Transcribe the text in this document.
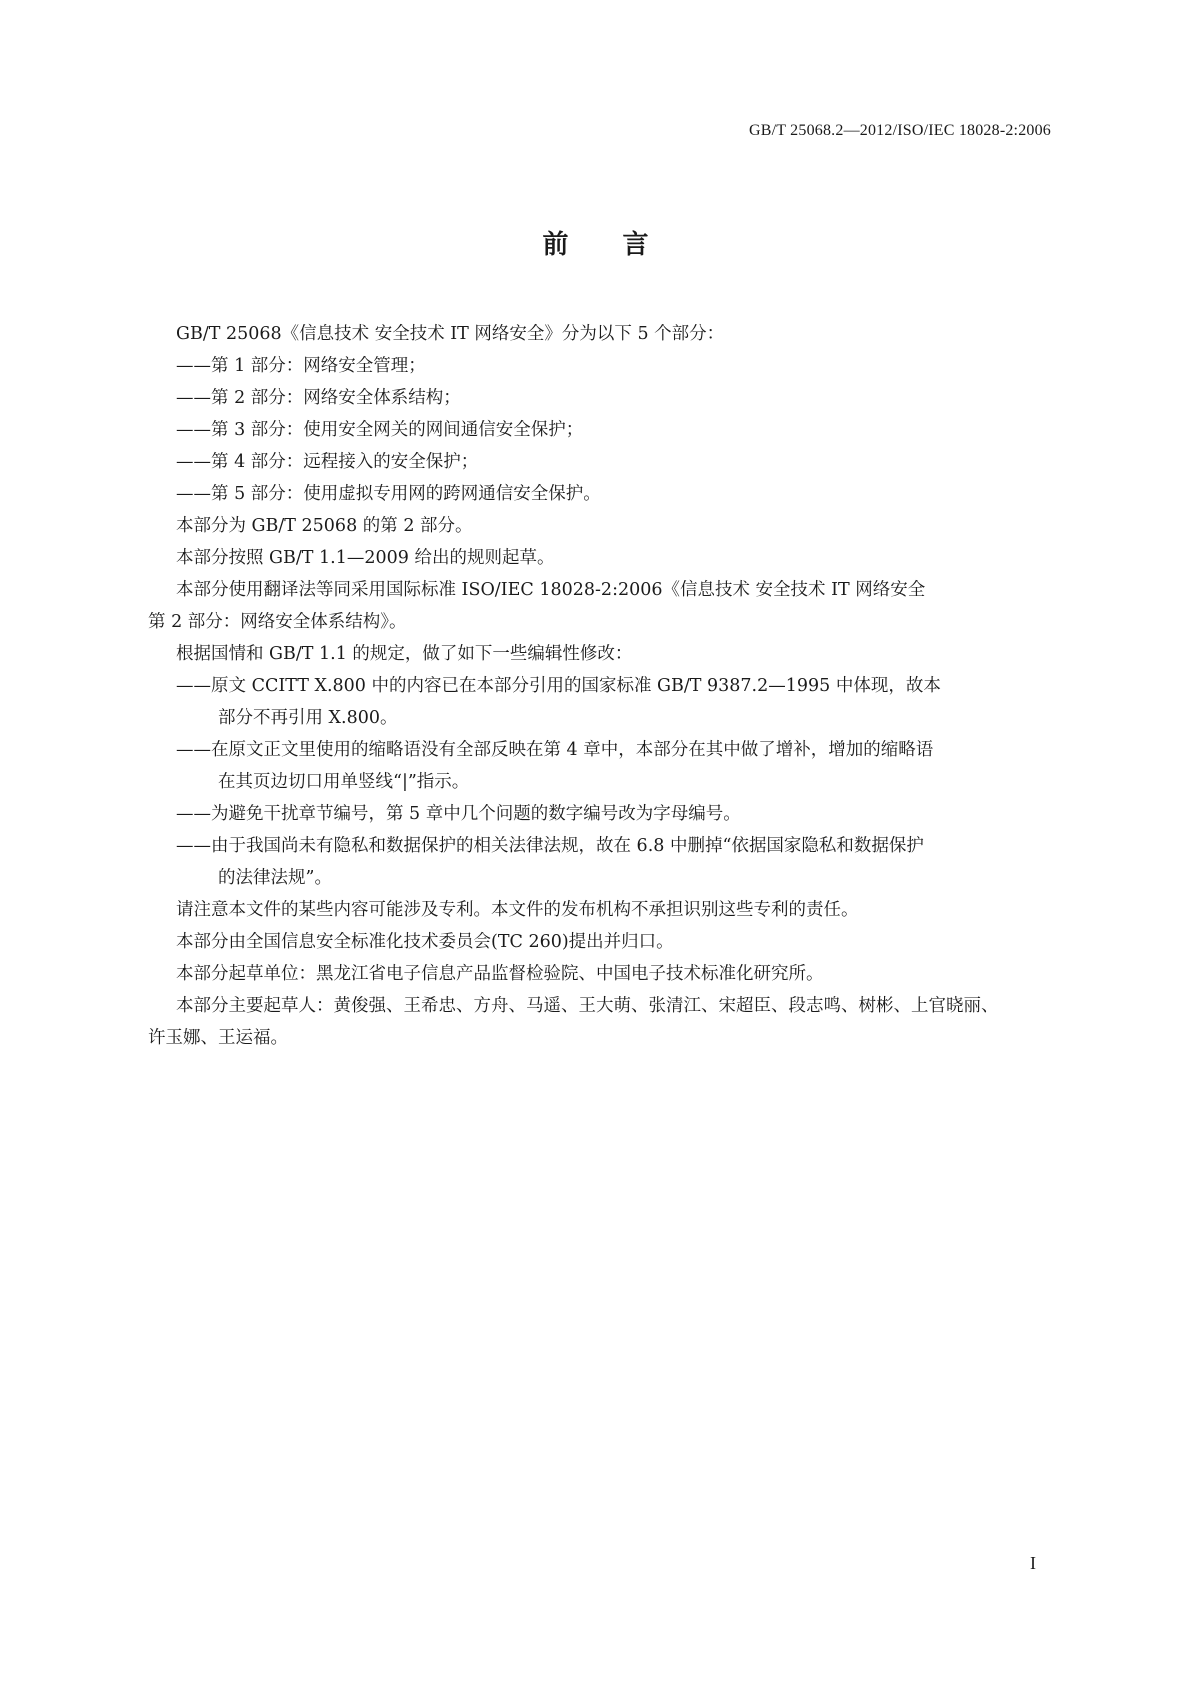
GB/T 25068.2—2012/ISO/IEC 18028-2:2006
前言

GB/T 25068《信息技术 安全技术 IT 网络安全》分为以下 5 个部分：

——第 1 部分：网络安全管理；

——第 2 部分：网络安全体系结构；

——第 3 部分：使用安全网关的网间通信安全保护；

——第 4 部分：远程接入的安全保护；

——第 5 部分：使用虚拟专用网的跨网通信安全保护。

本部分为 GB/T 25068 的第 2 部分。

本部分按照 GB/T 1.1—2009 给出的规则起草。

本部分使用翻译法等同采用国际标准 ISO/IEC 18028-2:2006《信息技术 安全技术 IT 网络安全

第 2 部分：网络安全体系结构》。

根据国情和 GB/T 1.1 的规定，做了如下一些编辑性修改：

——原文 CCITT X.800 中的内容已在本部分引用的国家标准 GB/T 9387.2—1995 中体现，故本
部分不再引用 X.800。
——在原文正文里使用的缩略语没有全部反映在第 4 章中，本部分在其中做了增补，增加的缩略语
在其页边切口用单竖线“|”指示。

——为避免干扰章节编号，第 5 章中几个问题的数字编号改为字母编号。

——由于我国尚未有隐私和数据保护的相关法律法规，故在 6.8 中删掉“依据国家隐私和数据保护
的法律法规”。

请注意本文件的某些内容可能涉及专利。本文件的发布机构不承担识别这些专利的责任。

本部分由全国信息安全标准化技术委员会(TC 260)提出并归口。

本部分起草单位：黑龙江省电子信息产品监督检验院、中国电子技术标准化研究所。

本部分主要起草人：黄俊强、王希忠、方舟、马遥、王大萌、张清江、宋超臣、段志鸣、树彬、上官晓丽、

许玉娜、王运福。

I
